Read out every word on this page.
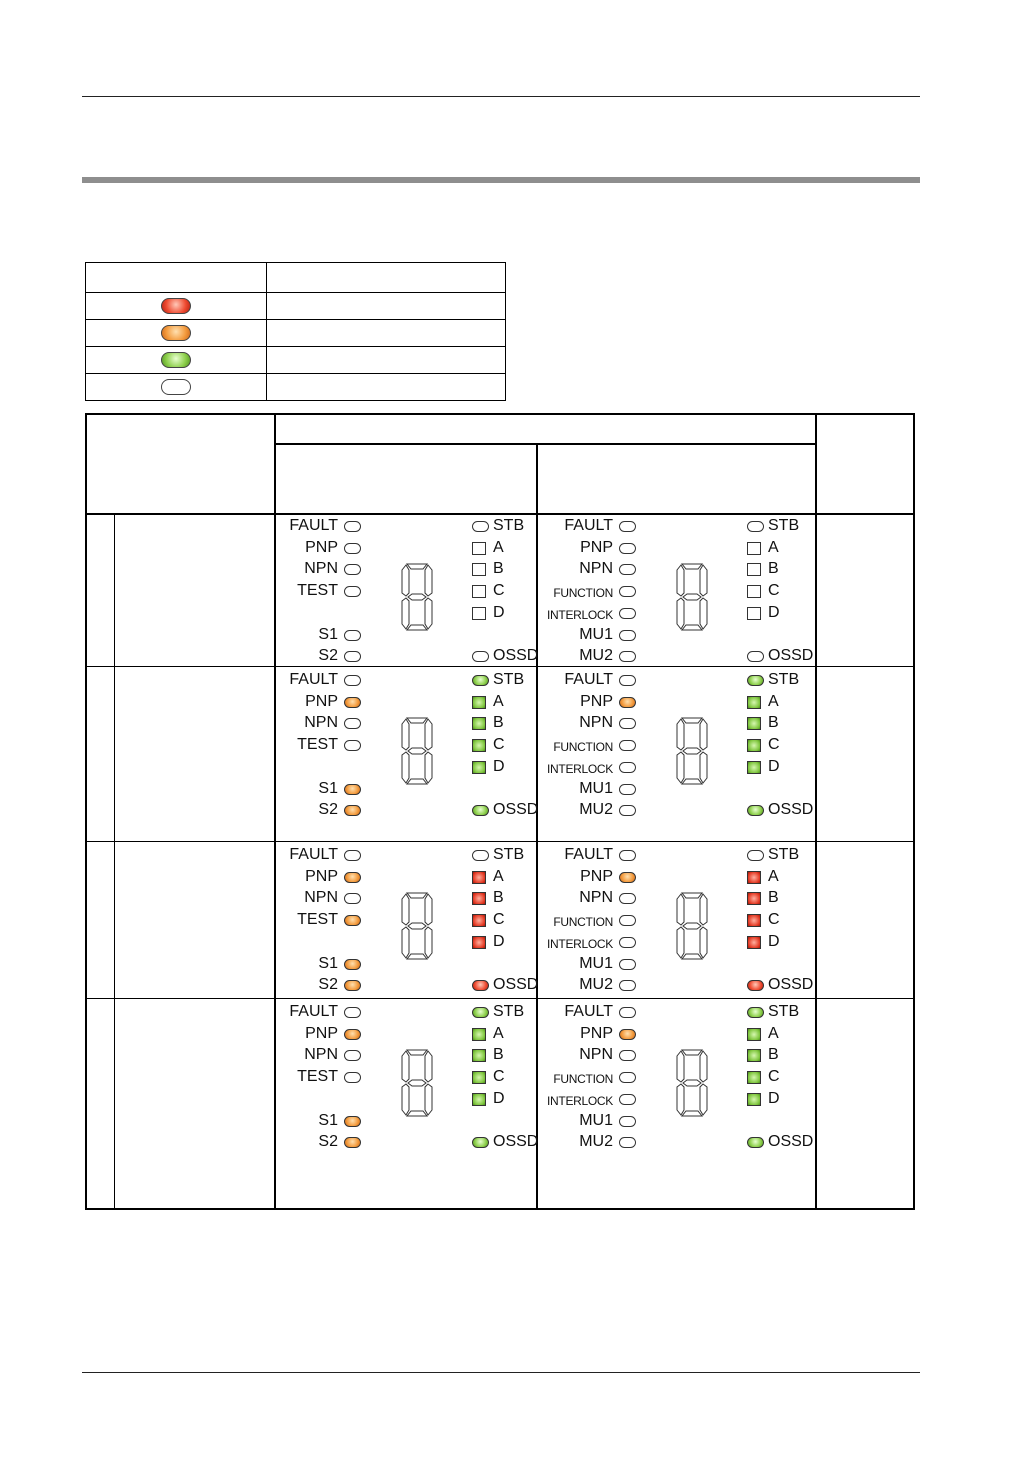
FAULT	STB
PNP	A
NPN	B
TEST	C
D
S1
S2	OSSD
FAULT	STB
PNP	A
NPN	B
FUNCTION	C
INTERLOCK	D
MU1
MU2	OSSD
FAULT	STB
PNP	A
NPN	B
TEST	C
D
S1
S2	OSSD
FAULT	STB
PNP	A
NPN	B
FUNCTION	C
INTERLOCK	D
MU1
MU2	OSSD
FAULT	STB
PNP	A
NPN	B
TEST	C
D
S1
S2	OSSD
FAULT	STB
PNP	A
NPN	B
FUNCTION	C
INTERLOCK	D
MU1
MU2	OSSD
FAULT	STB
PNP	A
NPN	B
TEST	C
D
S1
S2	OSSD
FAULT	STB
PNP	A
NPN	B
FUNCTION	C
INTERLOCK	D
MU1
MU2	OSSD
